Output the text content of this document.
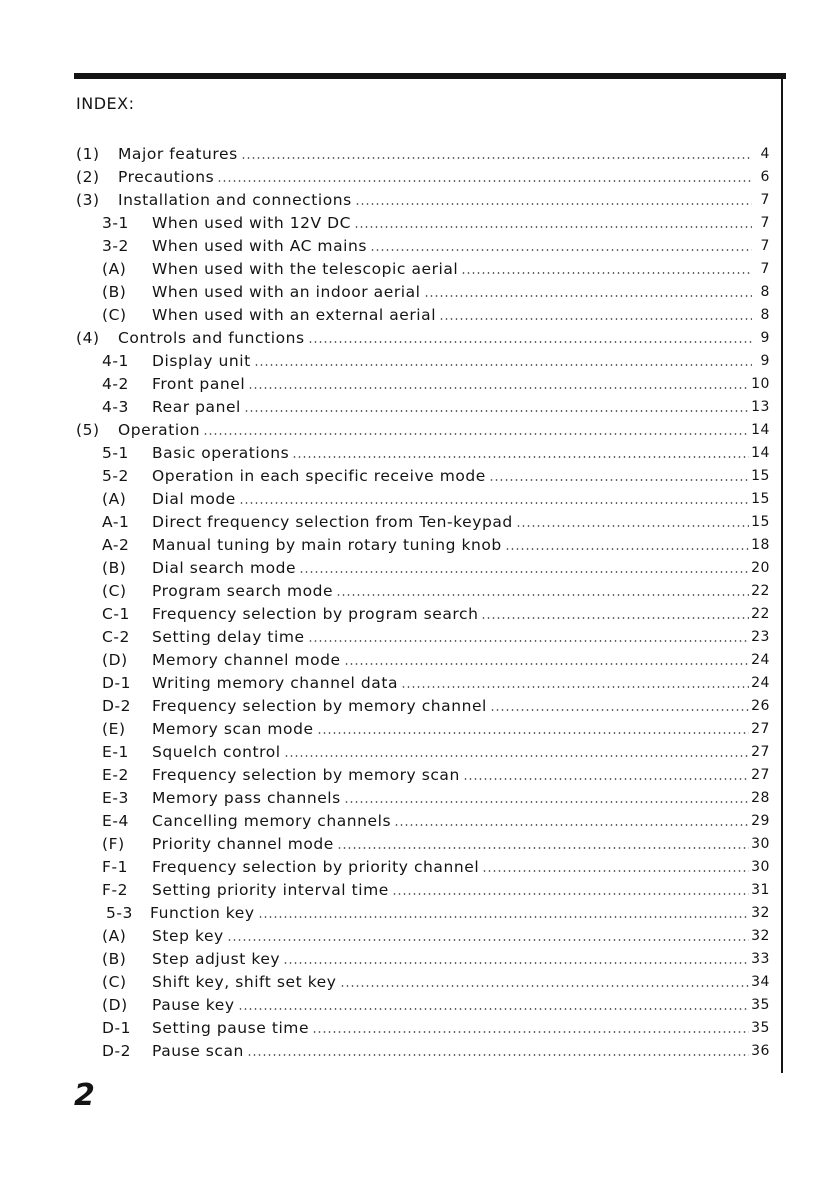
INDEX:
(1)	Major features	4
(2)	Precautions	6
(3)	Installation and connections	7
3-1	When used with 12V DC	7
3-2	When used with AC mains	7
(A)	When used with the telescopic aerial	7
(B)	When used with an indoor aerial	8
(C)	When used with an external aerial	8
(4)	Controls and functions	9
4-1	Display unit	9
4-2	Front panel	10
4-3	Rear panel	13
(5)	Operation	14
5-1	Basic operations	14
5-2	Operation in each specific receive mode	15
(A)	Dial mode	15
A-1	Direct frequency selection from Ten-keypad	15
A-2	Manual tuning by main rotary tuning knob	18
(B)	Dial search mode	20
(C)	Program search mode	22
C-1	Frequency selection by program search	22
C-2	Setting delay time	23
(D)	Memory channel mode	24
D-1	Writing memory channel data	24
D-2	Frequency selection by memory channel	26
(E)	Memory scan mode	27
E-1	Squelch control	27
E-2	Frequency selection by memory scan	27
E-3	Memory pass channels	28
E-4	Cancelling memory channels	29
(F)	Priority channel mode	30
F-1	Frequency selection by priority channel	30
F-2	Setting priority interval time	31
5-3	Function key	32
(A)	Step key	32
(B)	Step adjust key	33
(C)	Shift key, shift set key	34
(D)	Pause key	35
D-1	Setting pause time	35
D-2	Pause scan	36
2
